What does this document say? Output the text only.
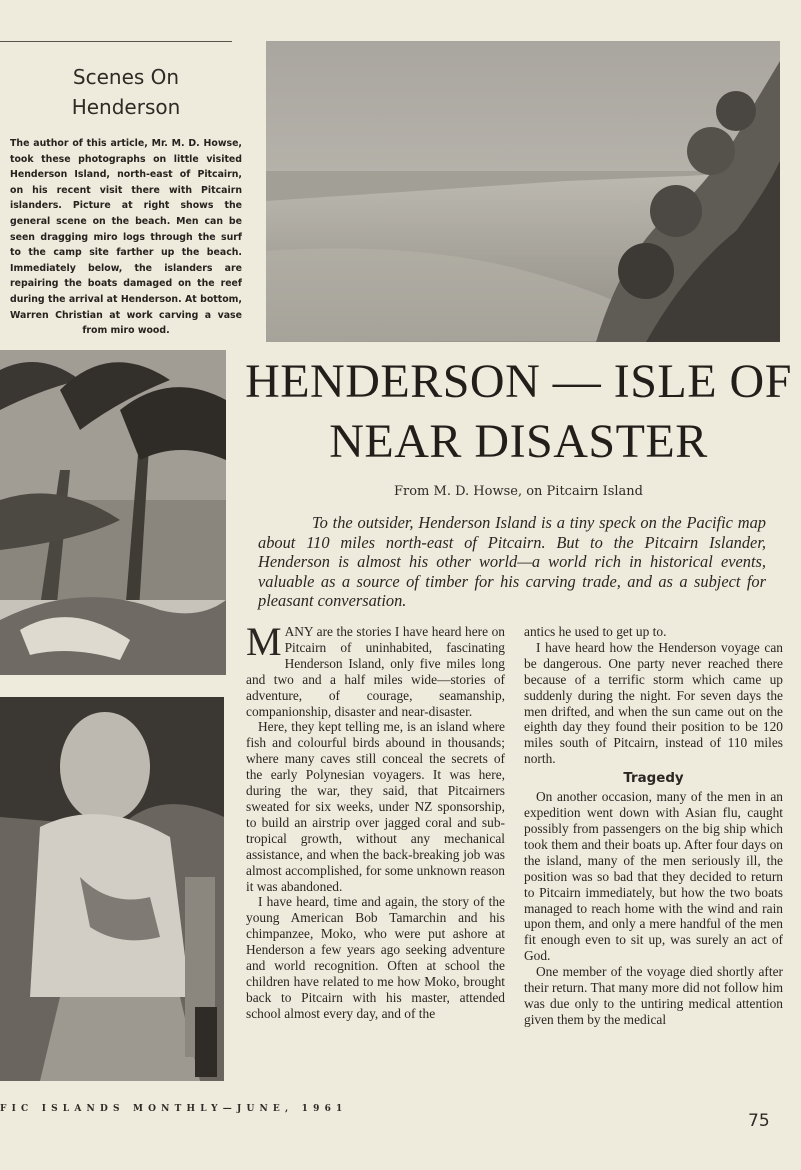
Scenes On
Henderson
The author of this article, Mr. M. D. Howse, took these photographs on little visited Henderson Island, north-east of Pitcairn, on his recent visit there with Pitcairn islanders. Picture at right shows the general scene on the beach. Men can be seen dragging miro logs through the surf to the camp site farther up the beach. Immediately below, the islanders are repairing the boats damaged on the reef during the arrival at Henderson. At bottom, Warren Christian at work carving a vase from miro wood.
HENDERSON — ISLE OF
NEAR DISASTER
From M. D. Howse, on Pitcairn Island

To the outsider, Henderson Island is a tiny speck on the Pacific map about 110 miles north-east of Pitcairn. But to the Pitcairn Islander, Henderson is almost his other world—a world rich in historical events, valuable as a source of timber for his carving trade, and as a subject for pleasant conversation.

MANY are the stories I have heard here on Pitcairn of uninhabited, fascinating Henderson Island, only five miles long and two and a half miles wide—stories of adventure, of courage, seamanship, companionship, disaster and near-disaster.

Here, they kept telling me, is an island where fish and colourful birds abound in thousands; where many caves still conceal the secrets of the early Polynesian voyagers. It was here, during the war, they said, that Pitcairners sweated for six weeks, under NZ sponsorship, to build an airstrip over jagged coral and sub-tropical growth, without any mechanical assistance, and when the back-breaking job was almost accomplished, for some unknown reason it was abandoned.

I have heard, time and again, the story of the young American Bob Tamarchin and his chimpanzee, Moko, who were put ashore at Henderson a few years ago seeking adventure and world recognition. Often at school the children have related to me how Moko, brought back to Pitcairn with his master, attended school almost every day, and of the

antics he used to get up to.

I have heard how the Henderson voyage can be dangerous. One party never reached there because of a terrific storm which came up suddenly during the night. For seven days the men drifted, and when the sun came out on the eighth day they found their position to be 120 miles south of Pitcairn, instead of 110 miles north.

Tragedy

On another occasion, many of the men in an expedition went down with Asian flu, caught possibly from passengers on the big ship which took them and their boats up. After four days on the island, many of the men seriously ill, the position was so bad that they decided to return to Pitcairn immediately, but how the two boats managed to reach home with the wind and rain upon them, and only a mere handful of the men fit enough even to sit up, was surely an act of God.

One member of the voyage died shortly after their return. That many more did not follow him was due only to the untiring medical attention given them by the medical

FIC ISLANDS MONTHLY—JUNE, 1961
75
